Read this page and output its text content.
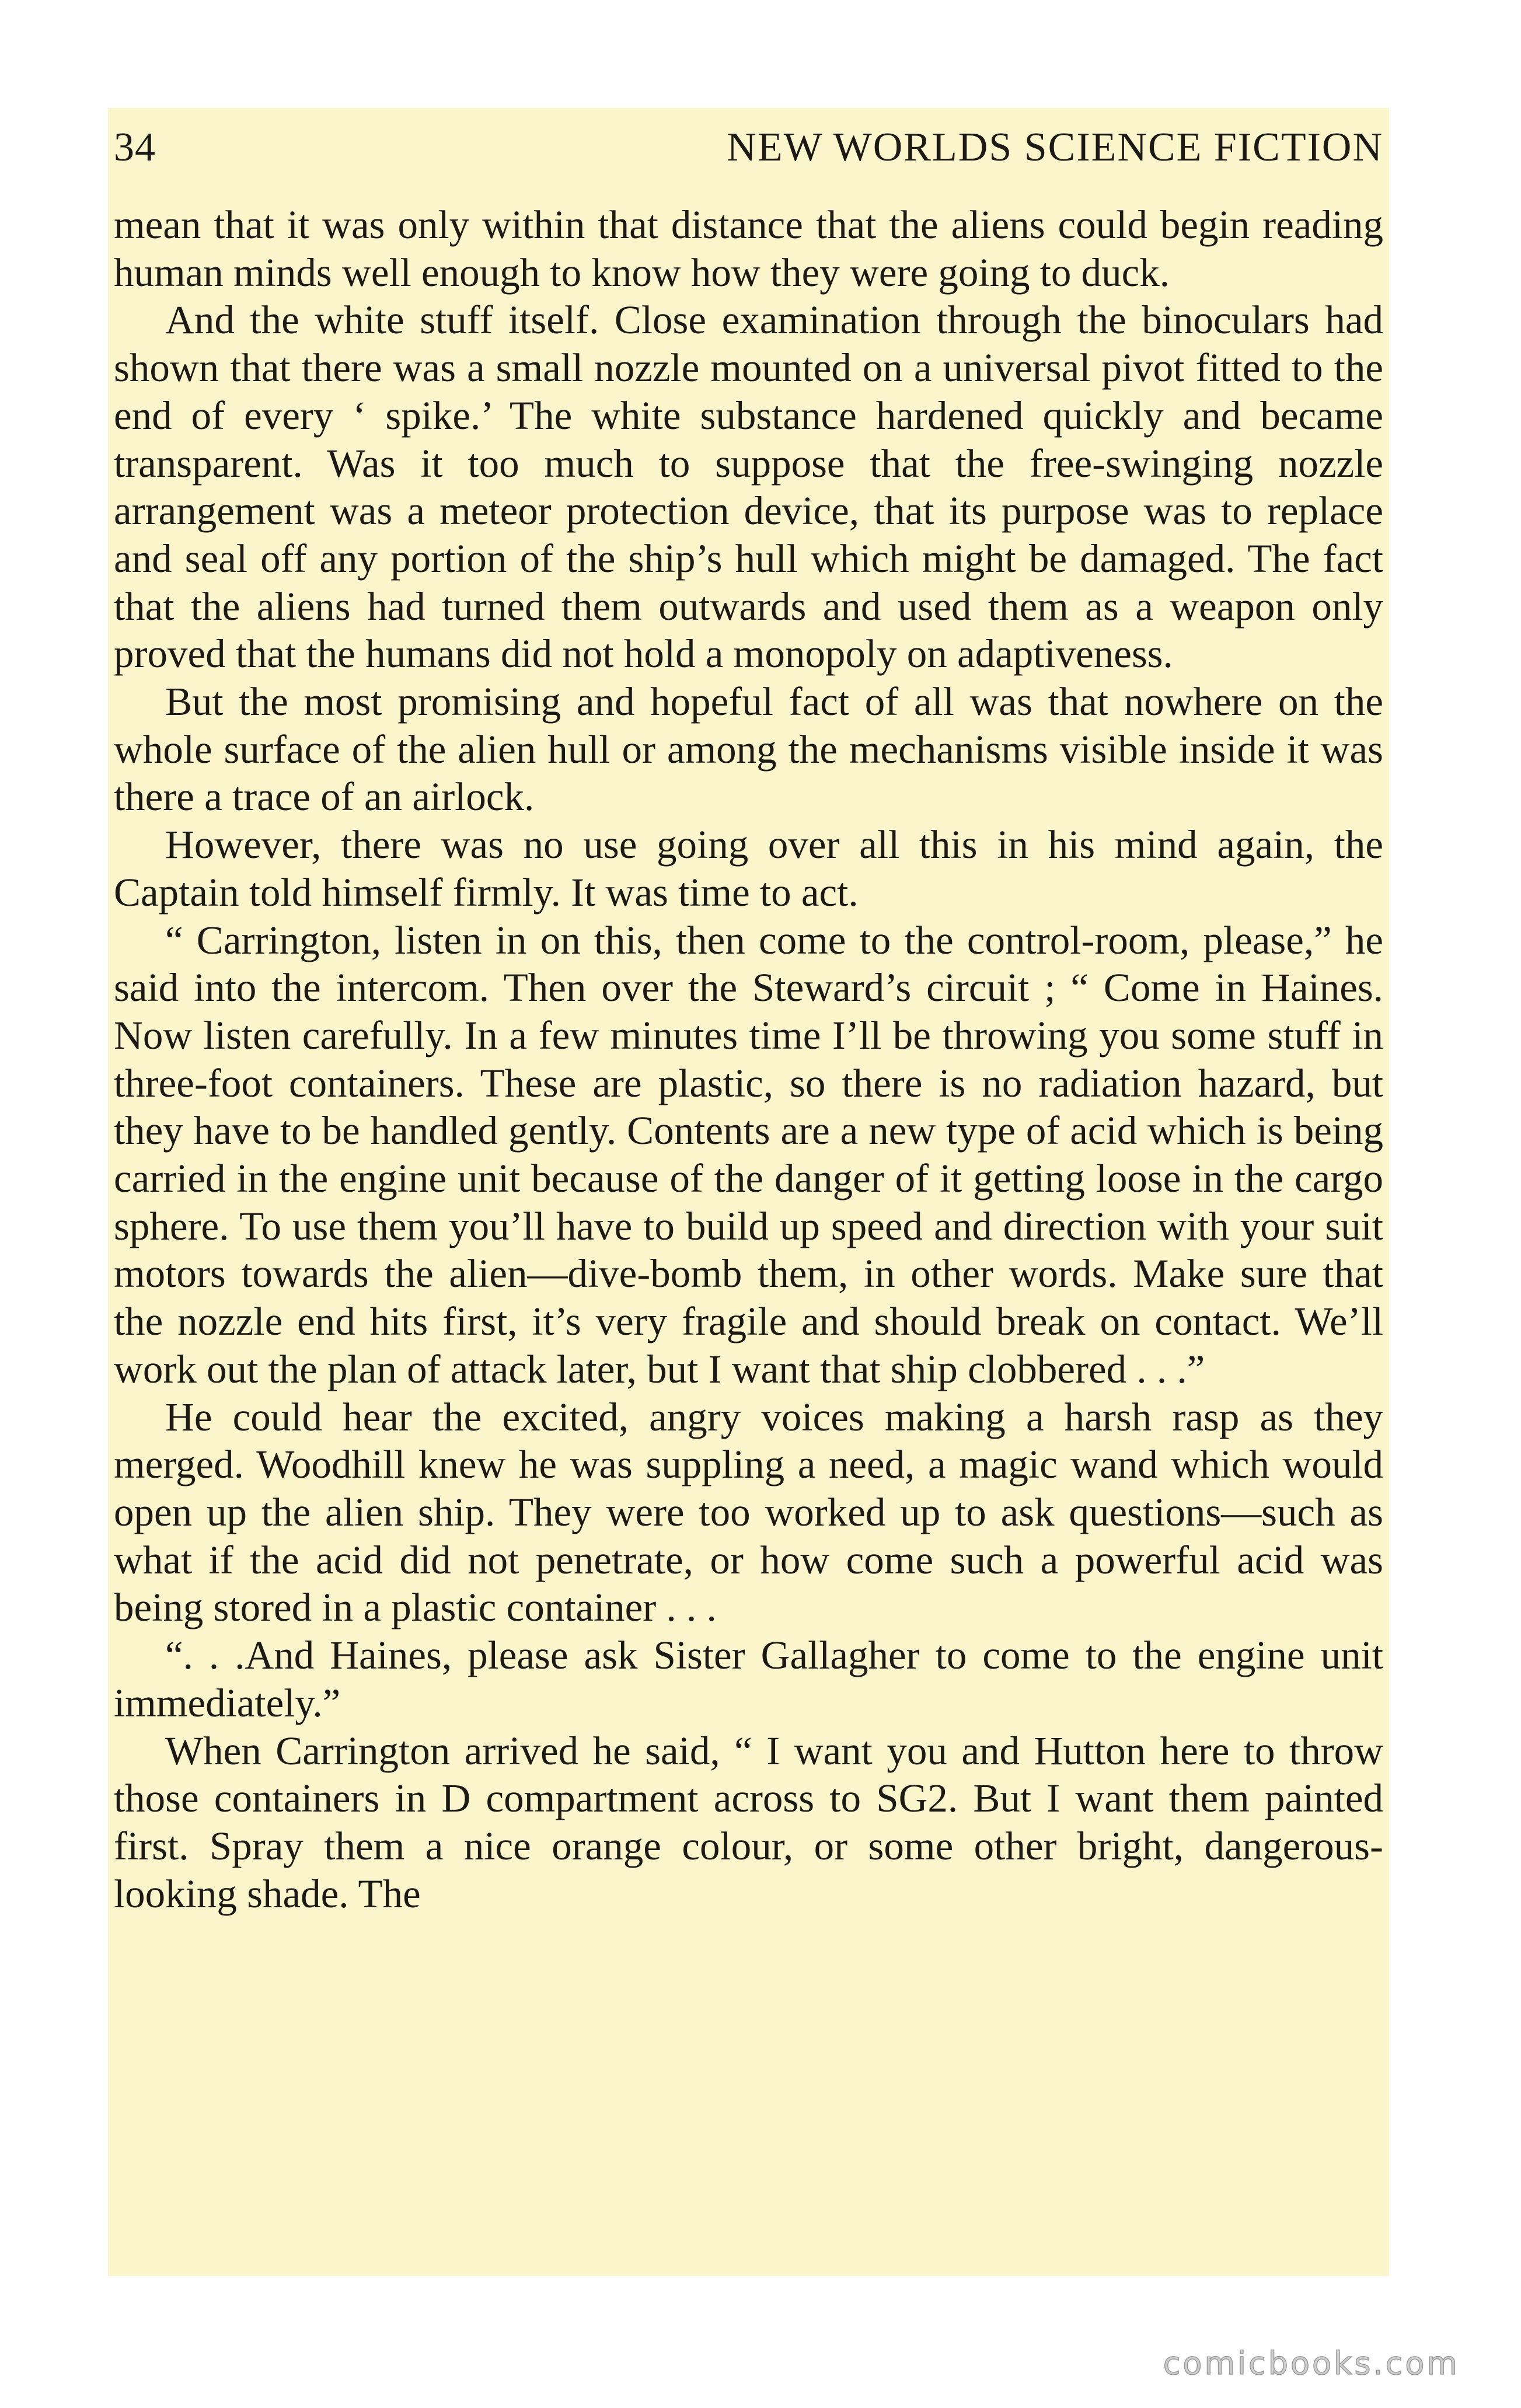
34	NEW WORLDS SCIENCE FICTION

mean that it was only within that distance that the aliens could begin reading human minds well enough to know how they were going to duck.

And the white stuff itself. Close examination through the binoculars had shown that there was a small nozzle mounted on a universal pivot fitted to the end of every ‘ spike.’ The white substance hardened quickly and became transparent. Was it too much to suppose that the free-swinging nozzle arrangement was a meteor protection device, that its purpose was to replace and seal off any portion of the ship’s hull which might be damaged. The fact that the aliens had turned them outwards and used them as a weapon only proved that the humans did not hold a monopoly on adaptiveness.

But the most promising and hopeful fact of all was that nowhere on the whole surface of the alien hull or among the mechanisms visible inside it was there a trace of an airlock.

However, there was no use going over all this in his mind again, the Captain told himself firmly. It was time to act.

“ Carrington, listen in on this, then come to the control-room, please,” he said into the intercom. Then over the Steward’s circuit ; “ Come in Haines. Now listen carefully. In a few minutes time I’ll be throwing you some stuff in three-foot containers. These are plastic, so there is no radiation hazard, but they have to be handled gently. Contents are a new type of acid which is being carried in the engine unit because of the danger of it getting loose in the cargo sphere. To use them you’ll have to build up speed and direction with your suit motors towards the alien—dive-bomb them, in other words. Make sure that the nozzle end hits first, it’s very fragile and should break on contact. We’ll work out the plan of attack later, but I want that ship clobbered . . .”

He could hear the excited, angry voices making a harsh rasp as they merged. Woodhill knew he was suppling a need, a magic wand which would open up the alien ship. They were too worked up to ask questions—such as what if the acid did not penetrate, or how come such a powerful acid was being stored in a plastic container . . .

“. . .And Haines, please ask Sister Gallagher to come to the engine unit immediately.”

When Carrington arrived he said, “ I want you and Hutton here to throw those containers in D compartment across to SG2. But I want them painted first. Spray them a nice orange colour, or some other bright, dangerous-looking shade. The

comicbooks.com
